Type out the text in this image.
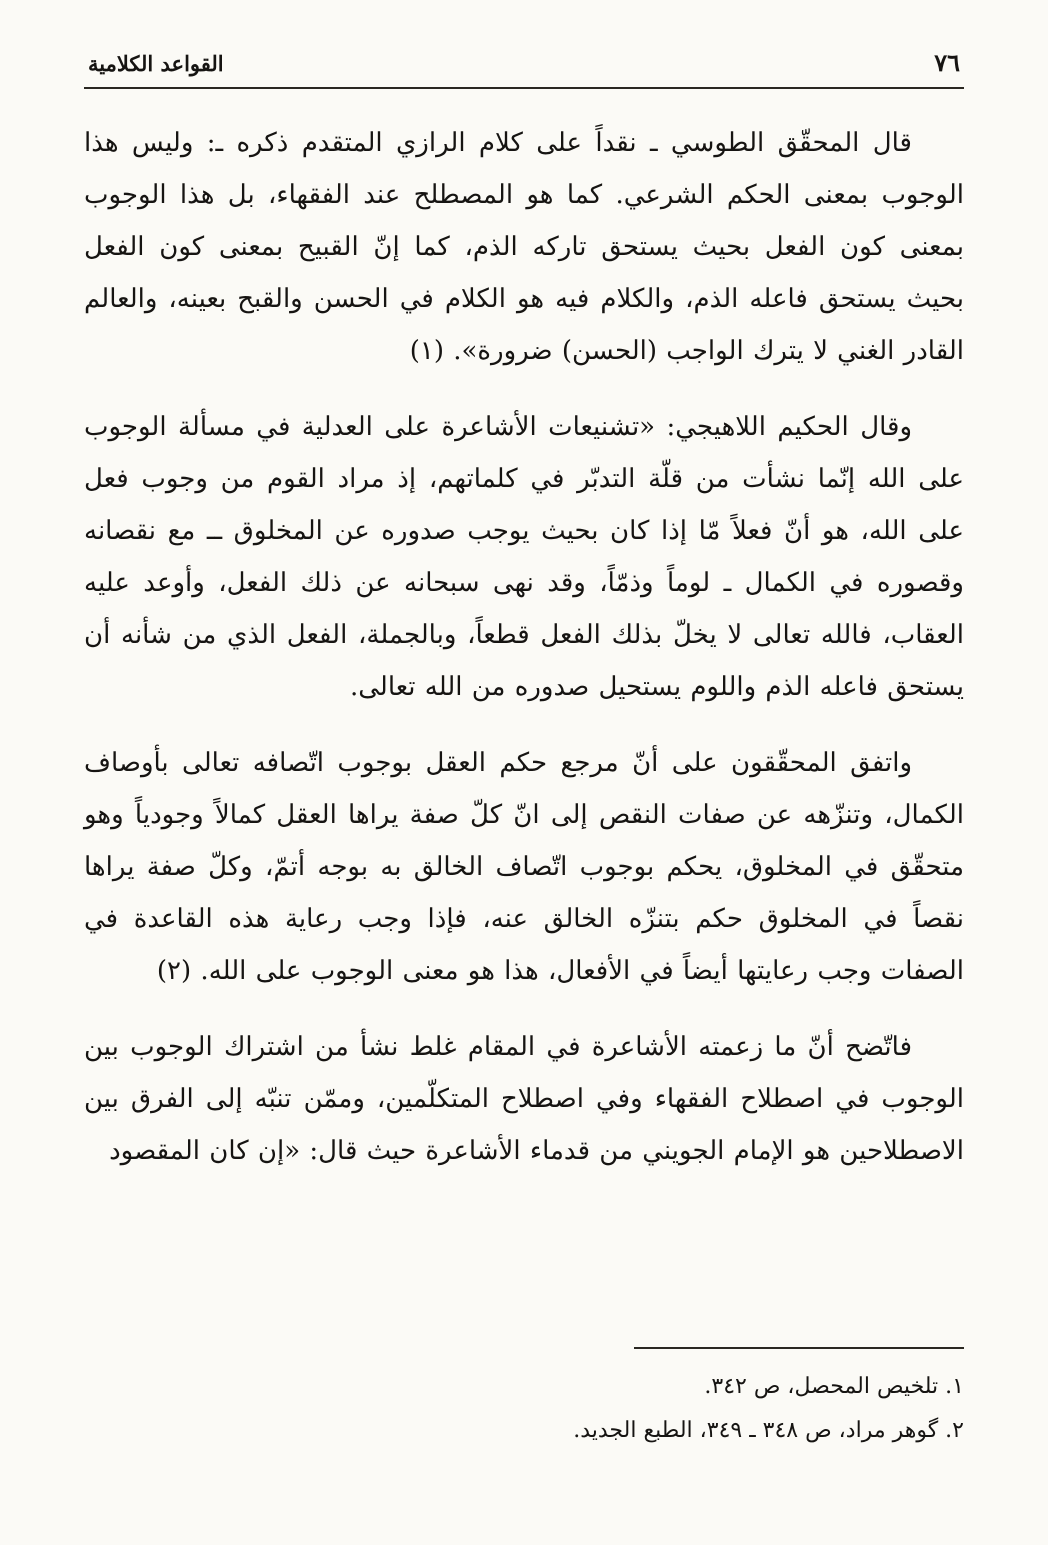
٧٦
القواعد الكلامية

قال المحقّق الطوسي ـ نقداً على كلام الرازي المتقدم ذكره ـ: وليس هذا الوجوب بمعنى الحكم الشرعي. كما هو المصطلح عند الفقهاء، بل هذا الوجوب بمعنى كون الفعل بحيث يستحق تاركه الذم، كما إنّ القبيح بمعنى كون الفعل بحيث يستحق فاعله الذم، والكلام فيه هو الكلام في الحسن والقبح بعينه، والعالم القادر الغني لا يترك الواجب (الحسن) ضرورة». (١)

وقال الحكيم اللاهيجي: «تشنيعات الأشاعرة على العدلية في مسألة الوجوب على الله إنّما نشأت من قلّة التدبّر في كلماتهم، إذ مراد القوم من وجوب فعل على الله، هو أنّ فعلاً مّا إذا كان بحيث يوجب صدوره عن المخلوق ــ مع نقصانه وقصوره في الكمال ـ لوماً وذمّاً، وقد نهى سبحانه عن ذلك الفعل، وأوعد عليه العقاب، فالله تعالى لا يخلّ بذلك الفعل قطعاً، وبالجملة، الفعل الذي من شأنه أن يستحق فاعله الذم واللوم يستحيل صدوره من الله تعالى.

واتفق المحقّقون على أنّ مرجع حكم العقل بوجوب اتّصافه تعالى بأوصاف الكمال، وتنزّهه عن صفات النقص إلى انّ كلّ صفة يراها العقل كمالاً وجودياً وهو متحقّق في المخلوق، يحكم بوجوب اتّصاف الخالق به بوجه أتمّ، وكلّ صفة يراها نقصاً في المخلوق حكم بتنزّه الخالق عنه، فإذا وجب رعاية هذه القاعدة في الصفات وجب رعايتها أيضاً في الأفعال، هذا هو معنى الوجوب على الله. (٢)

فاتّضح أنّ ما زعمته الأشاعرة في المقام غلط نشأ من اشتراك الوجوب بين الوجوب في اصطلاح الفقهاء وفي اصطلاح المتكلّمين، وممّن تنبّه إلى الفرق بين الاصطلاحين هو الإمام الجويني من قدماء الأشاعرة حيث قال: «إن كان المقصود

١. تلخيص المحصل، ص ٣٤٢.

٢. گوهر مراد، ص ٣٤٨ ـ ٣٤٩، الطبع الجديد.
